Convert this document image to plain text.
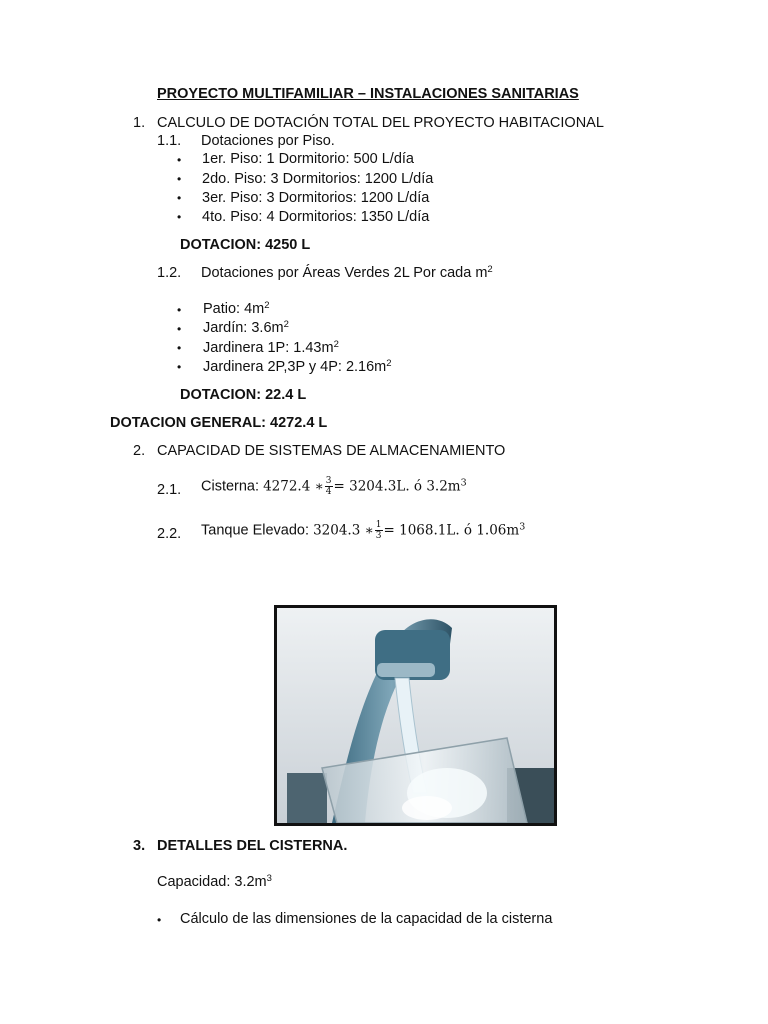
PROYECTO MULTIFAMILIAR – INSTALACIONES SANITARIAS
1. CALCULO DE DOTACIÓN TOTAL DEL PROYECTO HABITACIONAL
1.1. Dotaciones por Piso.
• 1er. Piso: 1 Dormitorio: 500 L/día
• 2do. Piso: 3 Dormitorios: 1200 L/día
• 3er. Piso: 3 Dormitorios: 1200 L/día
• 4to. Piso: 4 Dormitorios: 1350 L/día
DOTACION: 4250 L
1.2. Dotaciones por Áreas Verdes 2L Por cada $m^2$
• Patio: $4m^2$
• Jardín: $3.6m^2$
• Jardinera 1P: $1.43m^2$
• Jardinera 2P,3P y 4P: $2.16m^2$
DOTACION: 22.4 L
DOTACION GENERAL: 4272.4 L
2. CAPACIDAD DE SISTEMAS DE ALMACENAMIENTO
2.1. Cisterna: 4272.4 ∗ $\frac{3}{4} = 3204.3L$. ó $3.2m^3$
2.2. Tanque Elevado: 3204.3 ∗ $\frac{1}{3} = 1068.1L$. ó $1.06m^3$
3. DETALLES DEL CISTERNA.
Capacidad: $3.2m^3$
• Cálculo de las dimensiones de la capacidad de la cisterna
